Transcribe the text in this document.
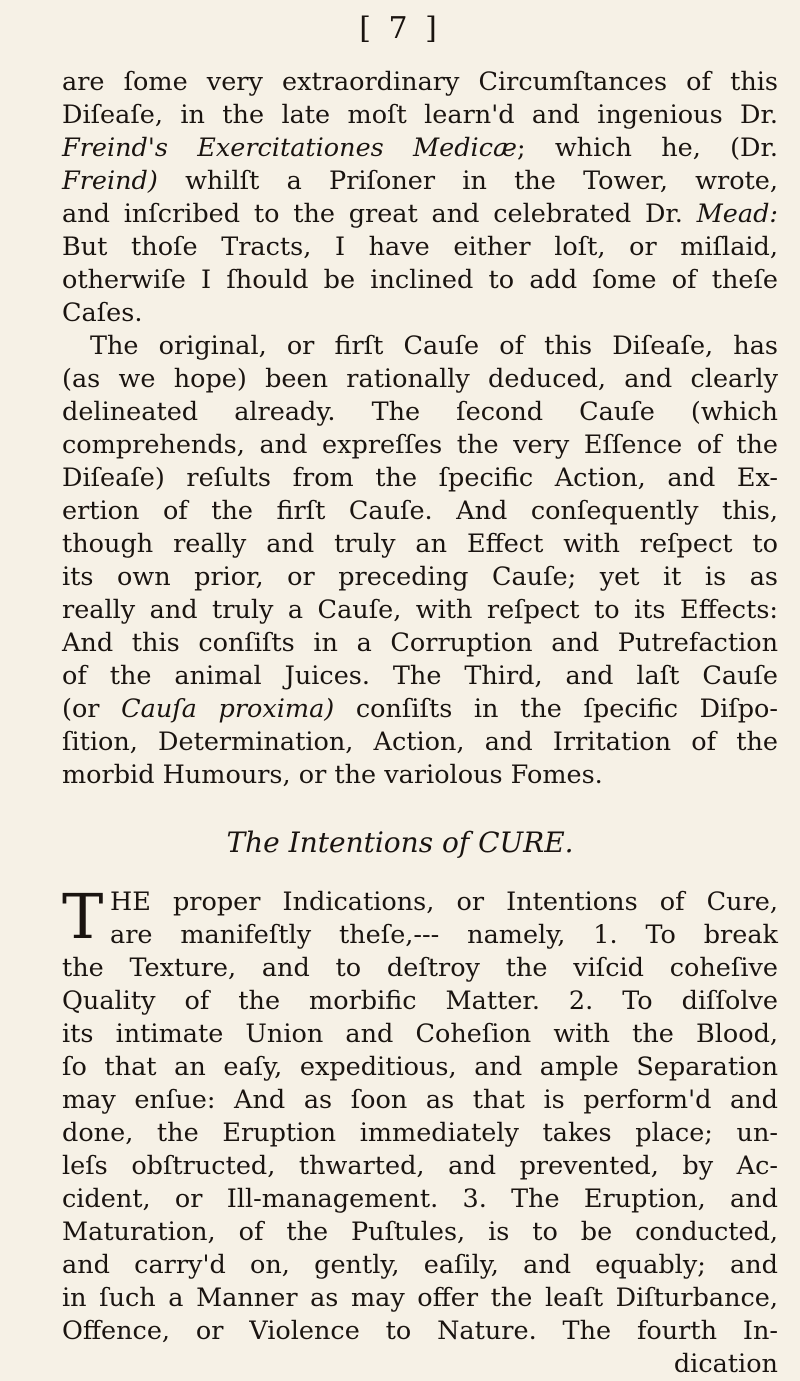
[ 7 ]
are ſome very extraordinary Circumſtances of this
Diſeaſe, in the late moſt learn'd and ingenious Dr.
Freind's Exercitationes Medicæ; which he, (Dr.
Freind) whilſt a Priſoner in the Tower, wrote,
and inſcribed to the great and celebrated Dr. Mead:
But thoſe Tracts, I have either loſt, or miſlaid,
otherwiſe I ſhould be inclined to add ſome of theſe
Caſes.
The original, or firſt Cauſe of this Diſeaſe, has
(as we hope) been rationally deduced, and clearly
delineated already. The ſecond Cauſe (which
comprehends, and expreſſes the very Eſſence of the
Diſeaſe) reſults from the ſpecific Action, and Ex-
ertion of the firſt Cauſe. And conſequently this,
though really and truly an Effect with reſpect to
its own prior, or preceding Cauſe; yet it is as
really and truly a Cauſe, with reſpect to its Effects:
And this conſiſts in a Corruption and Putrefaction
of the animal Juices. The Third, and laſt Cauſe
(or Cauſa proxima) conſiſts in the ſpecific Diſpo-
ſition, Determination, Action, and Irritation of the
morbid Humours, or the variolous Fomes.
The Intentions of CURE.
T HE proper Indications, or Intentions of Cure,
are manifeſtly theſe,--- namely, 1. To break
the Texture, and to deſtroy the viſcid coheſive
Quality of the morbific Matter. 2. To diſſolve
its intimate Union and Coheſion with the Blood,
ſo that an eaſy, expeditious, and ample Separation
may enſue: And as ſoon as that is perform'd and
done, the Eruption immediately takes place; un-
leſs obſtructed, thwarted, and prevented, by Ac-
cident, or Ill-management. 3. The Eruption, and
Maturation, of the Puſtules, is to be conducted,
and carry'd on, gently, eaſily, and equably; and
in ſuch a Manner as may offer the leaſt Diſturbance,
Offence, or Violence to Nature. The fourth In-
dication
